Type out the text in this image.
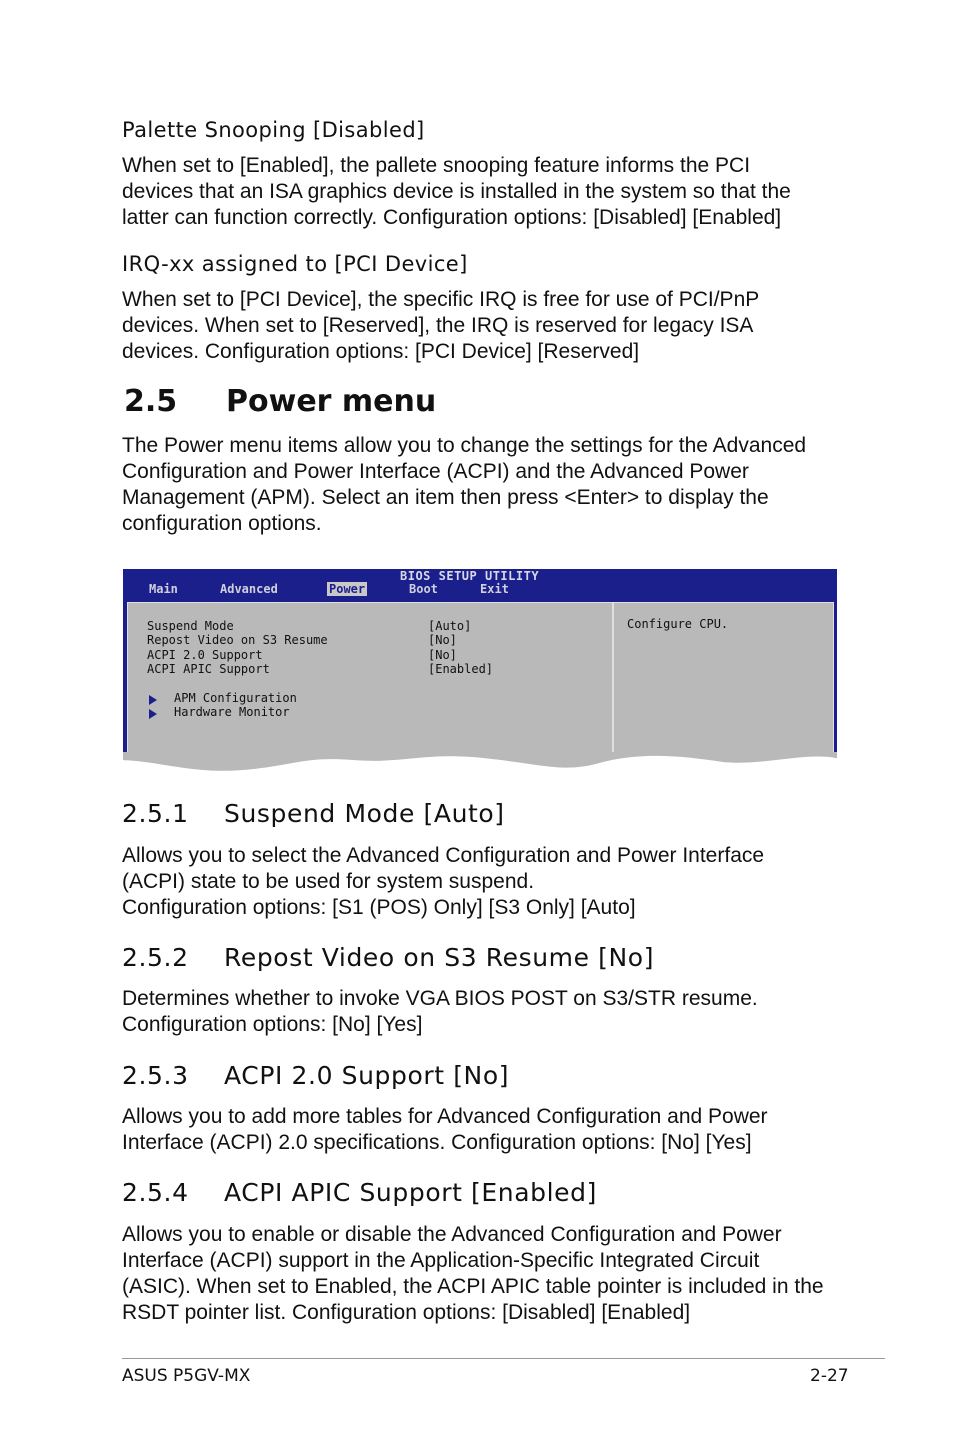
Palette Snooping [Disabled]
When set to [Enabled], the pallete snooping feature informs the PCI
devices that an ISA graphics device is installed in the system so that the
latter can function correctly. Configuration options: [Disabled] [Enabled]
IRQ-xx assigned to [PCI Device]
When set to [PCI Device], the specific IRQ is free for use of PCI/PnP
devices. When set to [Reserved], the IRQ is reserved for legacy ISA
devices. Configuration options: [PCI Device] [Reserved]
2.5 Power menu
The Power menu items allow you to change the settings for the Advanced
Configuration and Power Interface (ACPI) and the Advanced Power
Management (APM). Select an item then press <Enter> to display the
configuration options.
BIOS SETUP UTILITY
Main	Advanced	Power	Boot	Exit
Suspend Mode	[Auto]
Repost Video on S3 Resume	[No]
ACPI 2.0 Support	[No]
ACPI APIC Support	[Enabled]
APM Configuration
Hardware Monitor
Configure CPU.
2.5.1 Suspend Mode [Auto]
Allows you to select the Advanced Configuration and Power Interface
(ACPI) state to be used for system suspend.
Configuration options: [S1 (POS) Only] [S3 Only] [Auto]
2.5.2 Repost Video on S3 Resume [No]
Determines whether to invoke VGA BIOS POST on S3/STR resume.
Configuration options: [No] [Yes]
2.5.3 ACPI 2.0 Support [No]
Allows you to add more tables for Advanced Configuration and Power
Interface (ACPI) 2.0 specifications. Configuration options: [No] [Yes]
2.5.4 ACPI APIC Support [Enabled]
Allows you to enable or disable the Advanced Configuration and Power
Interface (ACPI) support in the Application-Specific Integrated Circuit
(ASIC). When set to Enabled, the ACPI APIC table pointer is included in the
RSDT pointer list. Configuration options: [Disabled] [Enabled]
ASUS P5GV-MX	2-27
